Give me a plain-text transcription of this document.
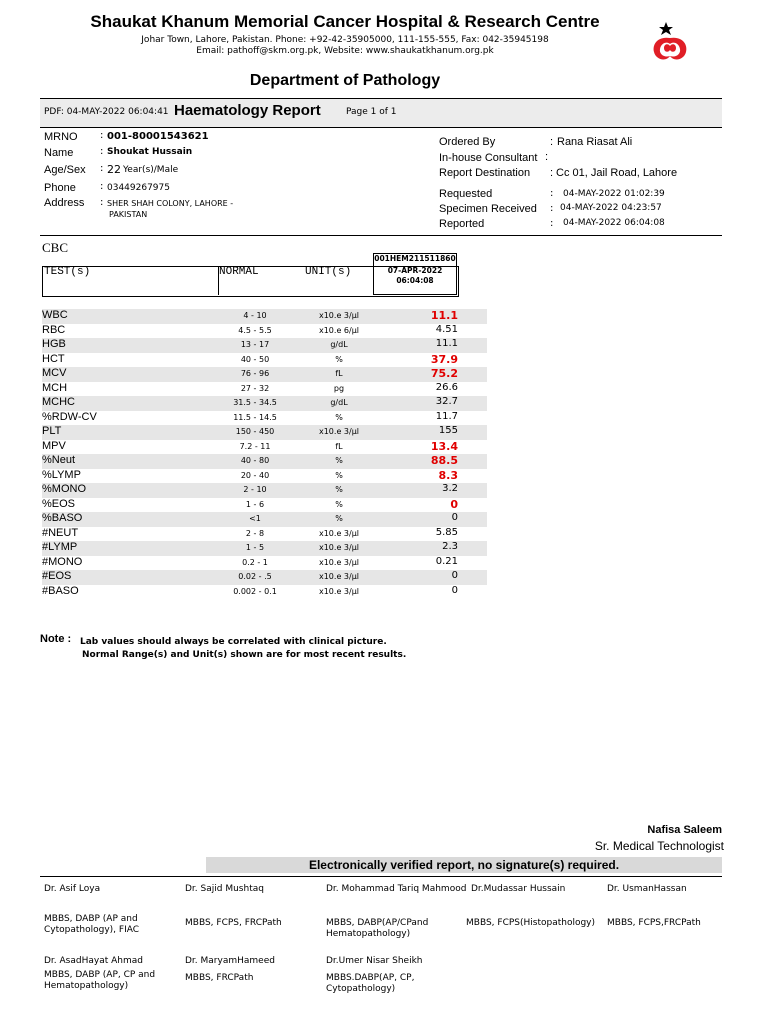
Shaukat Khanum Memorial Cancer Hospital & Research Centre
Johar Town, Lahore, Pakistan. Phone: +92-42-35905000, 111-155-555, Fax: 042-35945198
Email: pathoff@skm.org.pk, Website: www.shaukatkhanum.org.pk
Department of Pathology
PDF: 04-MAY-2022 06:04:41 Haematology Report	Page 1 of 1
MRNO : 001-80001543621
Name	: Shoukat Hussain
Age/Sex : 22 Year(s)/Male
Phone : 03449267975
Address : SHER SHAH COLONY, LAHORE -
PAKISTAN
Ordered By	: Rana Riasat Ali
In-house Consultant :
Report Destination : Cc 01, Jail Road, Lahore
Requested	: 04-MAY-2022 01:02:39
Specimen Received : 04-MAY-2022 04:23:57
Reported	: 04-MAY-2022 06:04:08
CBC
TEST(s)	NORMAL	UNIT(s)
001HEM211511860
07-APR-2022
06:04:08
WBC	4 - 10	x10.e 3/µl	11.1
RBC	4.5 - 5.5	x10.e 6/µl	4.51
HGB	13 - 17	g/dL	11.1
HCT	40 - 50	%	37.9
MCV	76 - 96	fL	75.2
MCH	27 - 32	pg	26.6
MCHC	31.5 - 34.5	g/dL	32.7
%RDW-CV	11.5 - 14.5	%	11.7
PLT	150 - 450	x10.e 3/µl	155
MPV	7.2 - 11	fL	13.4
%Neut	40 - 80	%	88.5
%LYMP	20 - 40	%	8.3
%MONO	2 - 10	%	3.2
%EOS	1 - 6	%	0
%BASO	<1	%	0
#NEUT	2 - 8	x10.e 3/µl	5.85
#LYMP	1 - 5	x10.e 3/µl	2.3
#MONO	0.2 - 1	x10.e 3/µl	0.21
#EOS	0.02 - .5	x10.e 3/µl	0
#BASO	0.002 - 0.1	x10.e 3/µl	0
Note : Lab values should always be correlated with clinical picture.
Normal Range(s) and Unit(s) shown are for most recent results.
Nafisa Saleem
Sr. Medical Technologist
Electronically verified report, no signature(s) required.
Dr. Asif Loya
MBBS, DABP (AP and Cytopathology), FIAC
Dr. Sajid Mushtaq
MBBS, FCPS, FRCPath
Dr. Mohammad Tariq Mahmood
MBBS, DABP(AP/CPand Hematopathology)
Dr.Mudassar Hussain
MBBS, FCPS(Histopathology)
Dr. UsmanHassan
MBBS, FCPS,FRCPath
Dr. AsadHayat Ahmad
MBBS, DABP (AP, CP and Hematopathology)
Dr. MaryamHameed
MBBS, FRCPath
Dr.Umer Nisar Sheikh
MBBS.DABP(AP, CP, Cytopathology)
